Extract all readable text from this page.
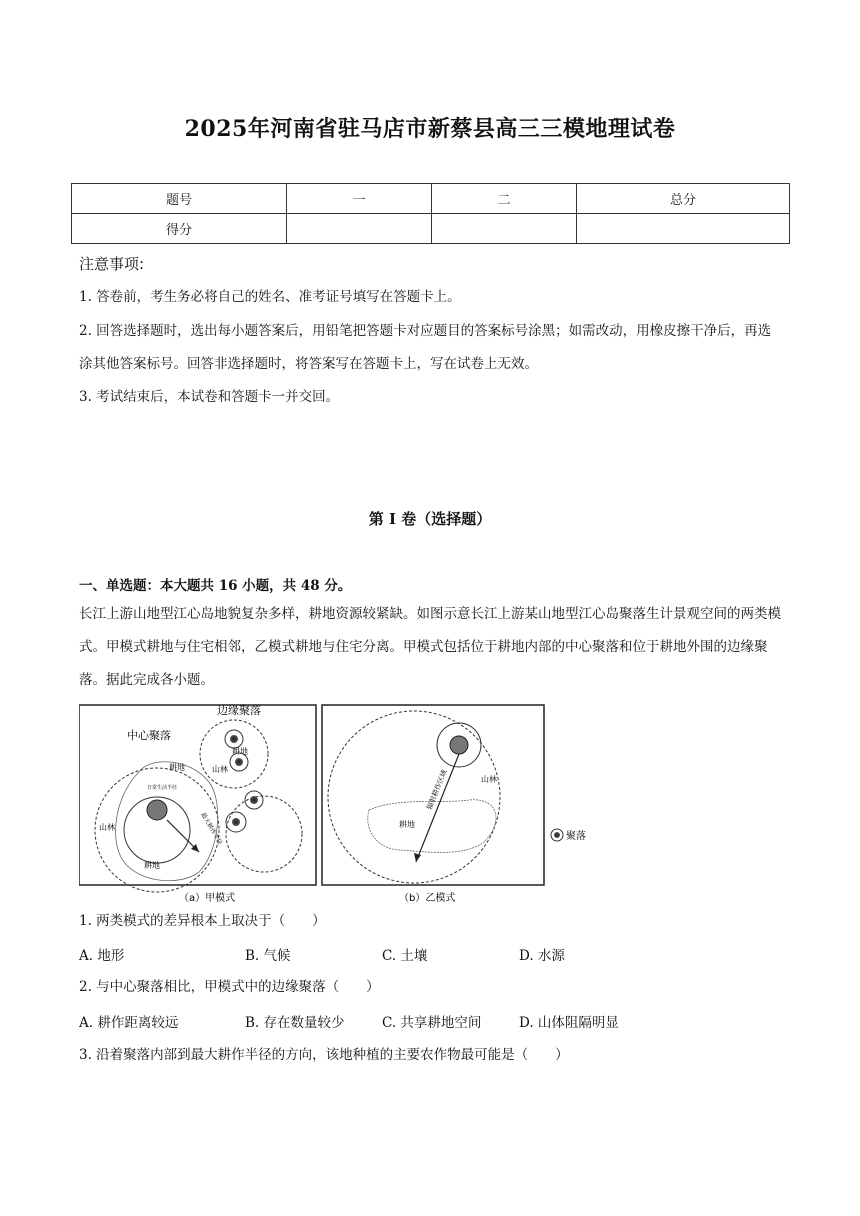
2025年河南省驻马店市新蔡县高三三模地理试卷
题号	一	二	总分
得分			
注意事项:
1. 答卷前，考生务必将自己的姓名、准考证号填写在答题卡上。
2. 回答选择题时，选出每小题答案后，用铅笔把答题卡对应题目的答案标号涂黑；如需改动，用橡皮擦干净后，再选涂其他答案标号。回答非选择题时，将答案写在答题卡上，写在试卷上无效。
3. 考试结束后，本试卷和答题卡一并交回。
第 I 卷（选择题）
一、单选题：本大题共 16 小题，共 48 分。
长江上游山地型江心岛地貌复杂多样，耕地资源较紧缺。如图示意长江上游某山地型江心岛聚落生计景观空间的两类模式。甲模式耕地与住宅相邻，乙模式耕地与住宅分离。甲模式包括位于耕地内部的中心聚落和位于耕地外围的边缘聚落。据此完成各小题。
中心聚落
边缘聚落
耕地
耕地
山林
山林
耕地
日常生活半径
最大耕作半径
（a）甲模式
山林
耕地
辐射耕作区域
（b）乙模式
聚落
1. 两类模式的差异根本上取决于（　　）
A. 地形	B. 气候	C. 土壤	D. 水源
2. 与中心聚落相比，甲模式中的边缘聚落（　　）
A. 耕作距离较远	B. 存在数量较少	C. 共享耕地空间	D. 山体阻隔明显
3. 沿着聚落内部到最大耕作半径的方向，该地种植的主要农作物最可能是（　　）
